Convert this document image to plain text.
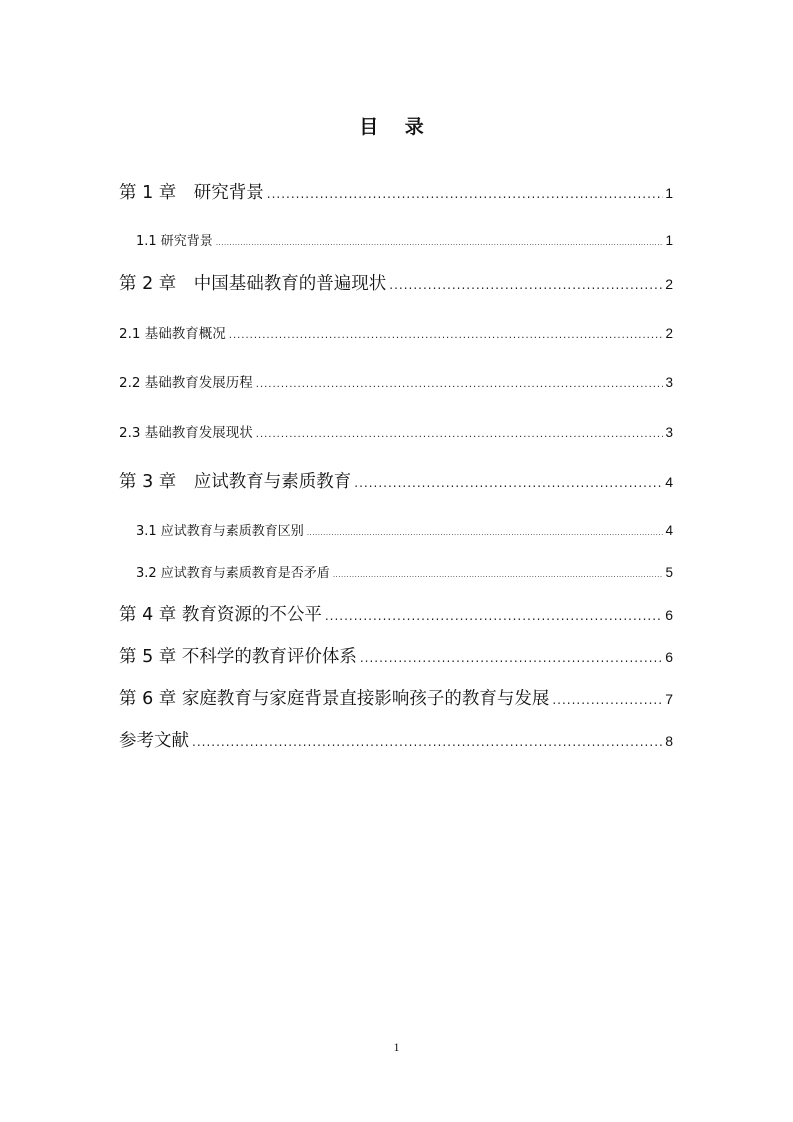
目 录
第 1 章　研究背景 .....	1
1.1 研究背景 .....	1
第 2 章　中国基础教育的普遍现状 .....	2
2.1 基础教育概况 .....	2
2.2 基础教育发展历程 .....	3
2.3 基础教育发展现状 .....	3
第 3 章　应试教育与素质教育 .....	4
3.1 应试教育与素质教育区别 .....	4
3.2 应试教育与素质教育是否矛盾 .....	5
第 4 章 教育资源的不公平 .....	6
第 5 章 不科学的教育评价体系 .....	6
第 6 章 家庭教育与家庭背景直接影响孩子的教育与发展 .....	7
参考文献 .....	8
1
